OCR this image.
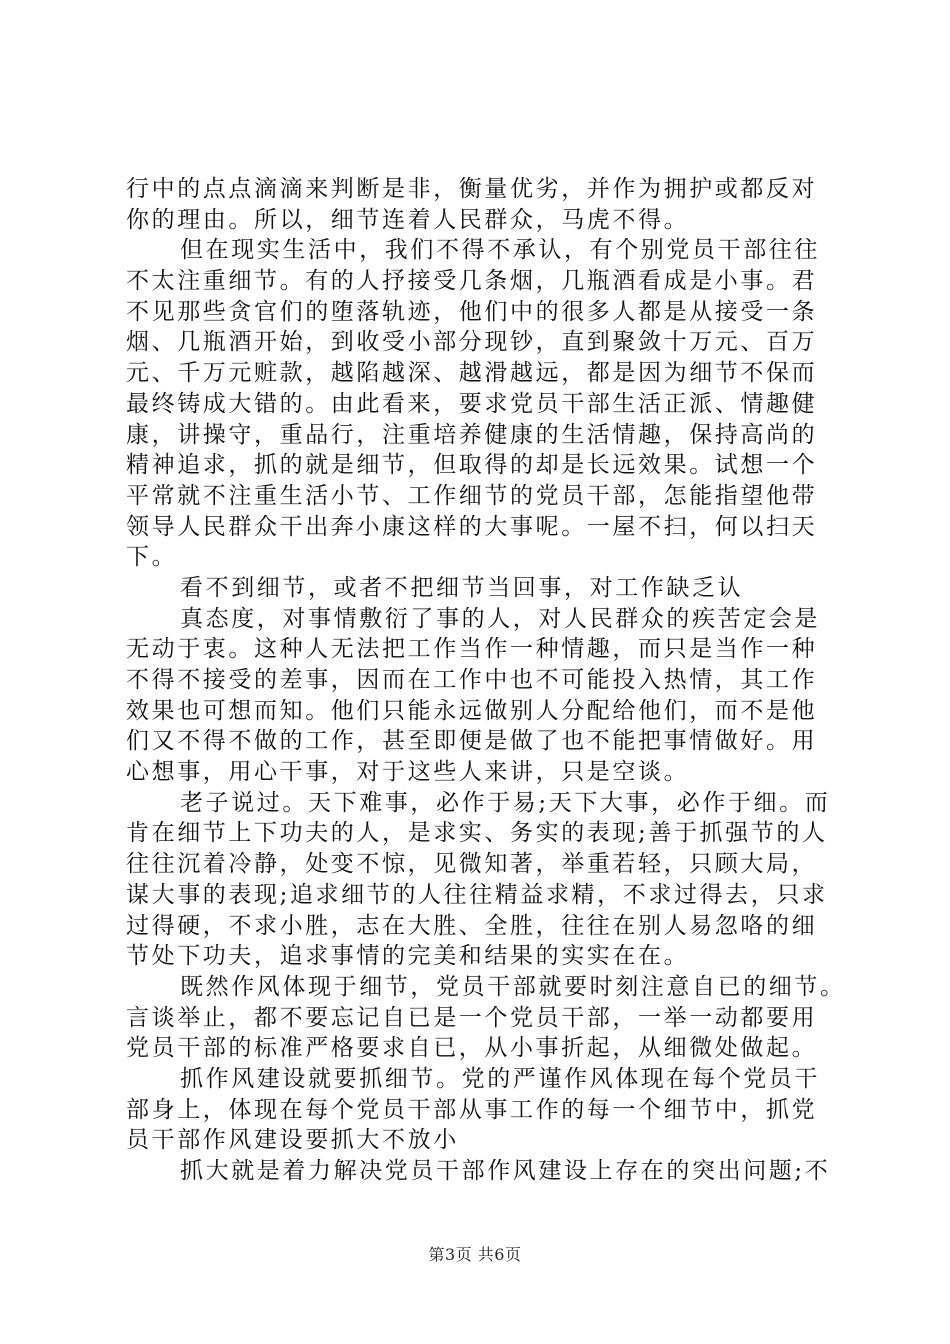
行中的点点滴滴来判断是非，衡量优劣，并作为拥护或都反对
你的理由。所以，细节连着人民群众，马虎不得。
但在现实生活中，我们不得不承认，有个别党员干部往往
不太注重细节。有的人抒接受几条烟，几瓶酒看成是小事。君
不见那些贪官们的堕落轨迹，他们中的很多人都是从接受一条
烟、几瓶酒开始，到收受小部分现钞，直到聚敛十万元、百万
元、千万元赃款，越陷越深、越滑越远，都是因为细节不保而
最终铸成大错的。由此看来，要求党员干部生活正派、情趣健
康，讲操守，重品行，注重培养健康的生活情趣，保持高尚的
精神追求，抓的就是细节，但取得的却是长远效果。试想一个
平常就不注重生活小节、工作细节的党员干部，怎能指望他带
领导人民群众干出奔小康这样的大事呢。一屋不扫，何以扫天
下。
看不到细节，或者不把细节当回事，对工作缺乏认
真态度，对事情敷衍了事的人，对人民群众的疾苦定会是
无动于衷。这种人无法把工作当作一种情趣，而只是当作一种
不得不接受的差事，因而在工作中也不可能投入热情，其工作
效果也可想而知。他们只能永远做别人分配给他们，而不是他
们又不得不做的工作，甚至即便是做了也不能把事情做好。用
心想事，用心干事，对于这些人来讲，只是空谈。
老子说过。天下难事，必作于易;天下大事，必作于细。而
肯在细节上下功夫的人，是求实、务实的表现;善于抓强节的人
往往沉着冷静，处变不惊，见微知著，举重若轻，只顾大局，
谋大事的表现;追求细节的人往往精益求精，不求过得去，只求
过得硬，不求小胜，志在大胜、全胜，往往在别人易忽咯的细
节处下功夫，追求事情的完美和结果的实实在在。
既然作风体现于细节，党员干部就要时刻注意自已的细节。
言谈举止，都不要忘记自已是一个党员干部，一举一动都要用
党员干部的标准严格要求自已，从小事折起，从细微处做起。
抓作风建设就要抓细节。党的严谨作风体现在每个党员干
部身上，体现在每个党员干部从事工作的每一个细节中，抓党
员干部作风建设要抓大不放小
抓大就是着力解决党员干部作风建设上存在的突出问题;不
第3页 共6页
